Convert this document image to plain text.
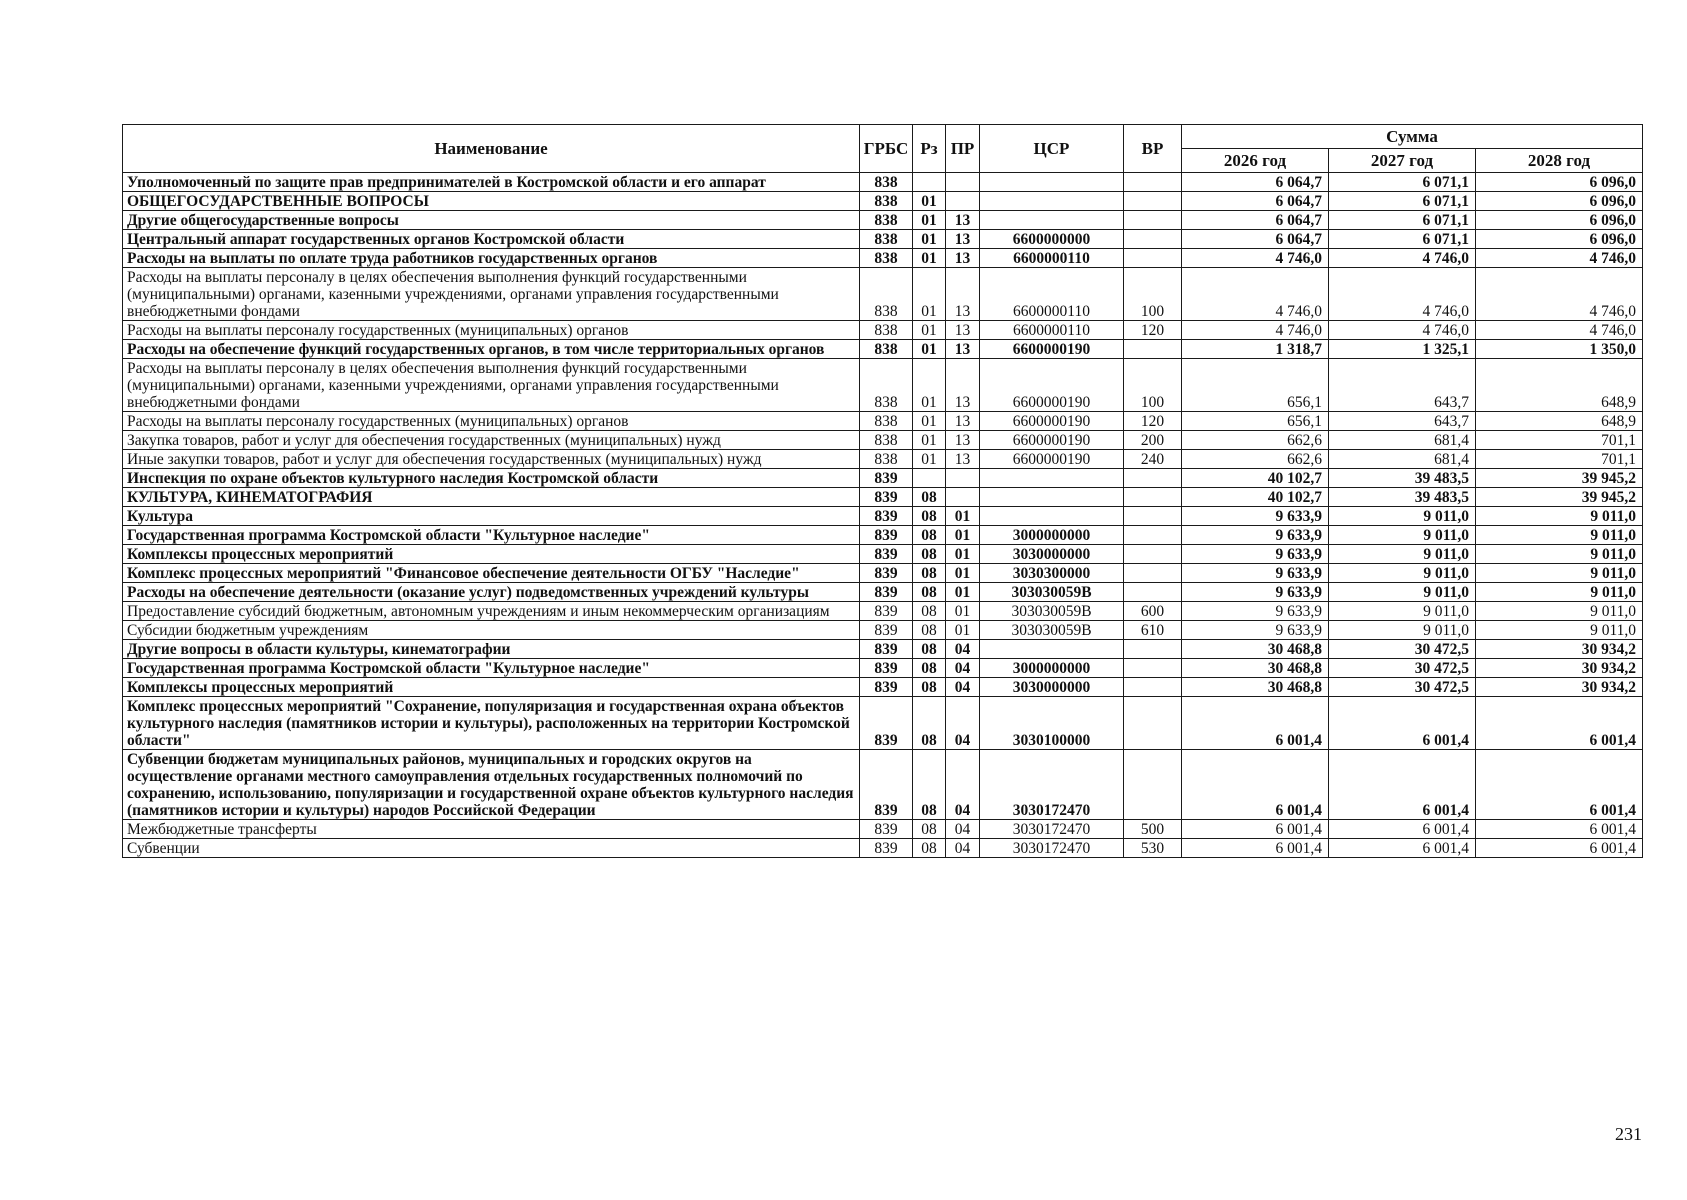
Наименование	ГРБС	Рз	ПР	ЦСР	ВР	Сумма		
						2026 год	2027 год	2028 год
Уполномоченный по защите прав предпринимателей в Костромской области и его аппарат	838					6 064,7	6 071,1	6 096,0
ОБЩЕГОСУДАРСТВЕННЫЕ ВОПРОСЫ	838	01				6 064,7	6 071,1	6 096,0
Другие общегосударственные вопросы	838	01	13			6 064,7	6 071,1	6 096,0
Центральный аппарат государственных органов Костромской области	838	01	13	6600000000		6 064,7	6 071,1	6 096,0
Расходы на выплаты по оплате труда работников государственных органов	838	01	13	6600000110		4 746,0	4 746,0	4 746,0
Расходы на выплаты персоналу в целях обеспечения выполнения функций государственными (муниципальными) органами, казенными учреждениями, органами управления государственными внебюджетными фондами	838	01	13	6600000110	100	4 746,0	4 746,0	4 746,0
Расходы на выплаты персоналу государственных (муниципальных) органов	838	01	13	6600000110	120	4 746,0	4 746,0	4 746,0
Расходы на обеспечение функций государственных органов, в том числе территориальных органов	838	01	13	6600000190		1 318,7	1 325,1	1 350,0
Расходы на выплаты персоналу в целях обеспечения выполнения функций государственными (муниципальными) органами, казенными учреждениями, органами управления государственными внебюджетными фондами	838	01	13	6600000190	100	656,1	643,7	648,9
Расходы на выплаты персоналу государственных (муниципальных) органов	838	01	13	6600000190	120	656,1	643,7	648,9
Закупка товаров, работ и услуг для обеспечения государственных (муниципальных) нужд	838	01	13	6600000190	200	662,6	681,4	701,1
Иные закупки товаров, работ и услуг для обеспечения государственных (муниципальных) нужд	838	01	13	6600000190	240	662,6	681,4	701,1
Инспекция по охране объектов культурного наследия Костромской области	839					40 102,7	39 483,5	39 945,2
КУЛЬТУРА, КИНЕМАТОГРАФИЯ	839	08				40 102,7	39 483,5	39 945,2
Культура	839	08	01			9 633,9	9 011,0	9 011,0
Государственная программа Костромской области "Культурное наследие"	839	08	01	3000000000		9 633,9	9 011,0	9 011,0
Комплексы процессных мероприятий	839	08	01	3030000000		9 633,9	9 011,0	9 011,0
Комплекс процессных мероприятий "Финансовое обеспечение деятельности ОГБУ "Наследие"	839	08	01	3030300000		9 633,9	9 011,0	9 011,0
Расходы на обеспечение деятельности (оказание услуг) подведомственных учреждений культуры	839	08	01	303030059В		9 633,9	9 011,0	9 011,0
Предоставление субсидий бюджетным, автономным учреждениям и иным некоммерческим организациям	839	08	01	303030059В	600	9 633,9	9 011,0	9 011,0
Субсидии бюджетным учреждениям	839	08	01	303030059В	610	9 633,9	9 011,0	9 011,0
Другие вопросы в области культуры, кинематографии	839	08	04			30 468,8	30 472,5	30 934,2
Государственная программа Костромской области "Культурное наследие"	839	08	04	3000000000		30 468,8	30 472,5	30 934,2
Комплексы процессных мероприятий	839	08	04	3030000000		30 468,8	30 472,5	30 934,2
Комплекс процессных мероприятий "Сохранение, популяризация и государственная охрана объектов культурного наследия (памятников истории и культуры), расположенных на территории Костромской области"	839	08	04	3030100000		6 001,4	6 001,4	6 001,4
Субвенции бюджетам муниципальных районов, муниципальных и городских округов на осуществление органами местного самоуправления отдельных государственных полномочий по сохранению, использованию, популяризации и государственной охране объектов культурного наследия (памятников истории и культуры) народов Российской Федерации	839	08	04	3030172470		6 001,4	6 001,4	6 001,4
Межбюджетные трансферты	839	08	04	3030172470	500	6 001,4	6 001,4	6 001,4
Субвенции	839	08	04	3030172470	530	6 001,4	6 001,4	6 001,4
231
